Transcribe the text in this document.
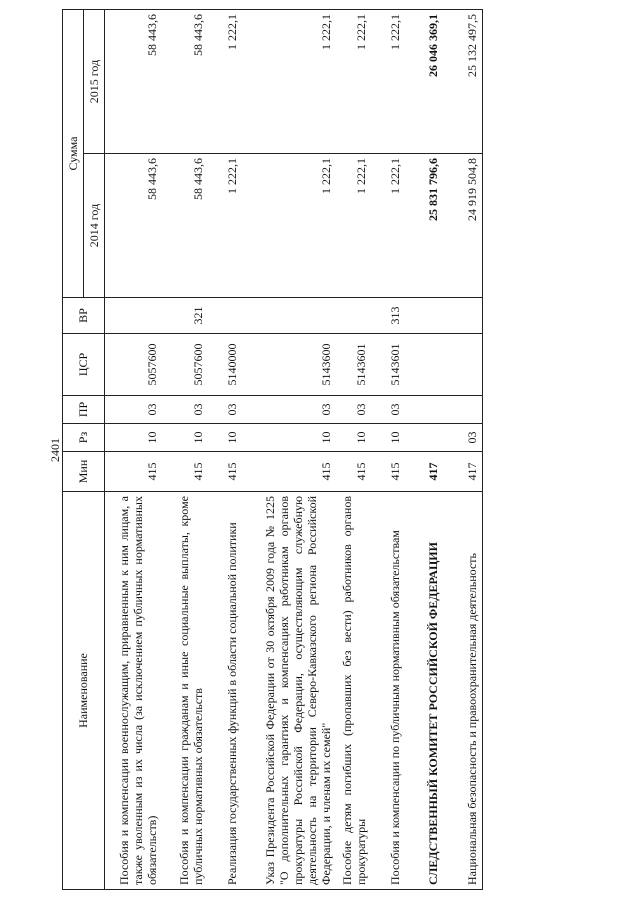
2401
Наименование	Мин	Рз	ПР	ЦСР	ВР	Сумма	
						2014 год	2015 год
Пособия и компенсации военнослужащим, приравненным к ним лицам, а также уволенным из их числа (за исключением публичных нормативных обязательств)	415	10	03	5057600		58 443,6	58 443,6
Пособия и компенсации гражданам и иные социальные выплаты, кроме публичных нормативных обязательств	415	10	03	5057600	321	58 443,6	58 443,6
Реализация государственных функций в области социальной политики	415	10	03	5140000		1 222,1	1 222,1
Указ Президента Российской Федерации от 30 октября 2009 года № 1225 "О дополнительных гарантиях и компенсациях работникам органов прокуратуры Российской Федерации, осуществляющим служебную деятельность на территории Северо-Кавказского региона Российской Федерации, и членам их семей"	415	10	03	5143600		1 222,1	1 222,1
Пособие детям погибших (пропавших без вести) работников органов прокуратуры	415	10	03	5143601		1 222,1	1 222,1
Пособия и компенсации по публичным нормативным обязательствам	415	10	03	5143601	313	1 222,1	1 222,1
СЛЕДСТВЕННЫЙ КОМИТЕТ РОССИЙСКОЙ ФЕДЕРАЦИИ	417					25 831 796,6	26 046 369,1
Национальная безопасность и правоохранительная деятельность	417	03				24 919 504,8	25 132 497,5
